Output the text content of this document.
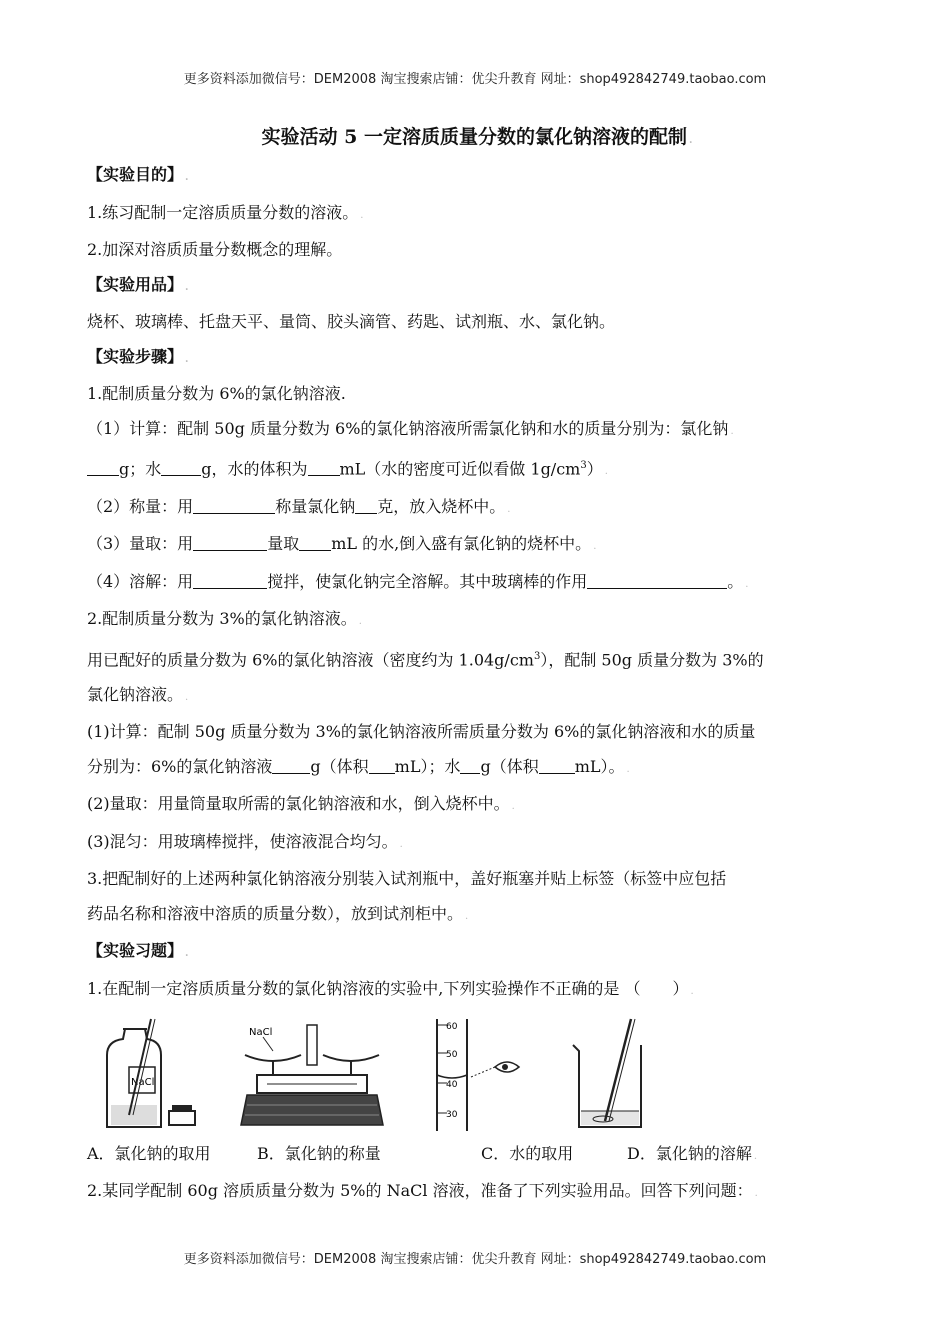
更多资料添加微信号：DEM2008 淘宝搜索店铺：优尖升教育 网址：shop492842749.taobao.com
实验活动 5 一定溶质质量分数的氯化钠溶液的配制 .
【实验目的】 .
1.练习配制一定溶质质量分数的溶液。 .
2.加深对溶质质量分数概念的理解。
【实验用品】 .
烧杯、玻璃棒、托盘天平、量筒、胶头滴管、药匙、试剂瓶、水、氯化钠。
【实验步骤】 .
1.配制质量分数为 6%的氯化钠溶液.
（1）计算：配制 50g 质量分数为 6%的氯化钠溶液所需氯化钠和水的质量分别为：氯化钠 .
g；水	g，水的体积为 mL（水的密度可近似看做 $1g/cm^3$） .
（2）称量：用	称量氯化钠 克，放入烧杯中。 .
（3）量取：用	量取 mL 的水,倒入盛有氯化钠的烧杯中。 .
（4）溶解：用	搅拌，使氯化钠完全溶解。其中玻璃棒的作用	。 .
2.配制质量分数为 3%的氯化钠溶液。 .
用已配好的质量分数为 6%的氯化钠溶液（密度约为 $1.04g/cm^3$），配制 50g 质量分数为 3%的
氯化钠溶液。 .
(1)计算：配制 50g 质量分数为 3%的氯化钠溶液所需质量分数为 6%的氯化钠溶液和水的质量
分别为：6%的氯化钠溶液 g（体积 mL）；水 g（体积 mL）。 .
(2)量取：用量筒量取所需的氯化钠溶液和水，倒入烧杯中。 .
(3)混匀：用玻璃棒搅拌，使溶液混合均匀。 .
3.把配制好的上述两种氯化钠溶液分别装入试剂瓶中，盖好瓶塞并贴上标签（标签中应包括
药品名称和溶液中溶质的质量分数），放到试剂柜中。 .
【实验习题】 .
1.在配制一定溶质质量分数的氯化钠溶液的实验中,下列实验操作不正确的是 （　　） .
NaCl
NaCl	60
50
40
30
A．氯化钠的取用	B．氯化钠的称量	C．水的取用	D．氯化钠的溶解 .
2.某同学配制 60g 溶质质量分数为 5%的 NaCl 溶液，准备了下列实验用品。回答下列问题： .
更多资料添加微信号：DEM2008 淘宝搜索店铺：优尖升教育 网址：shop492842749.taobao.com
